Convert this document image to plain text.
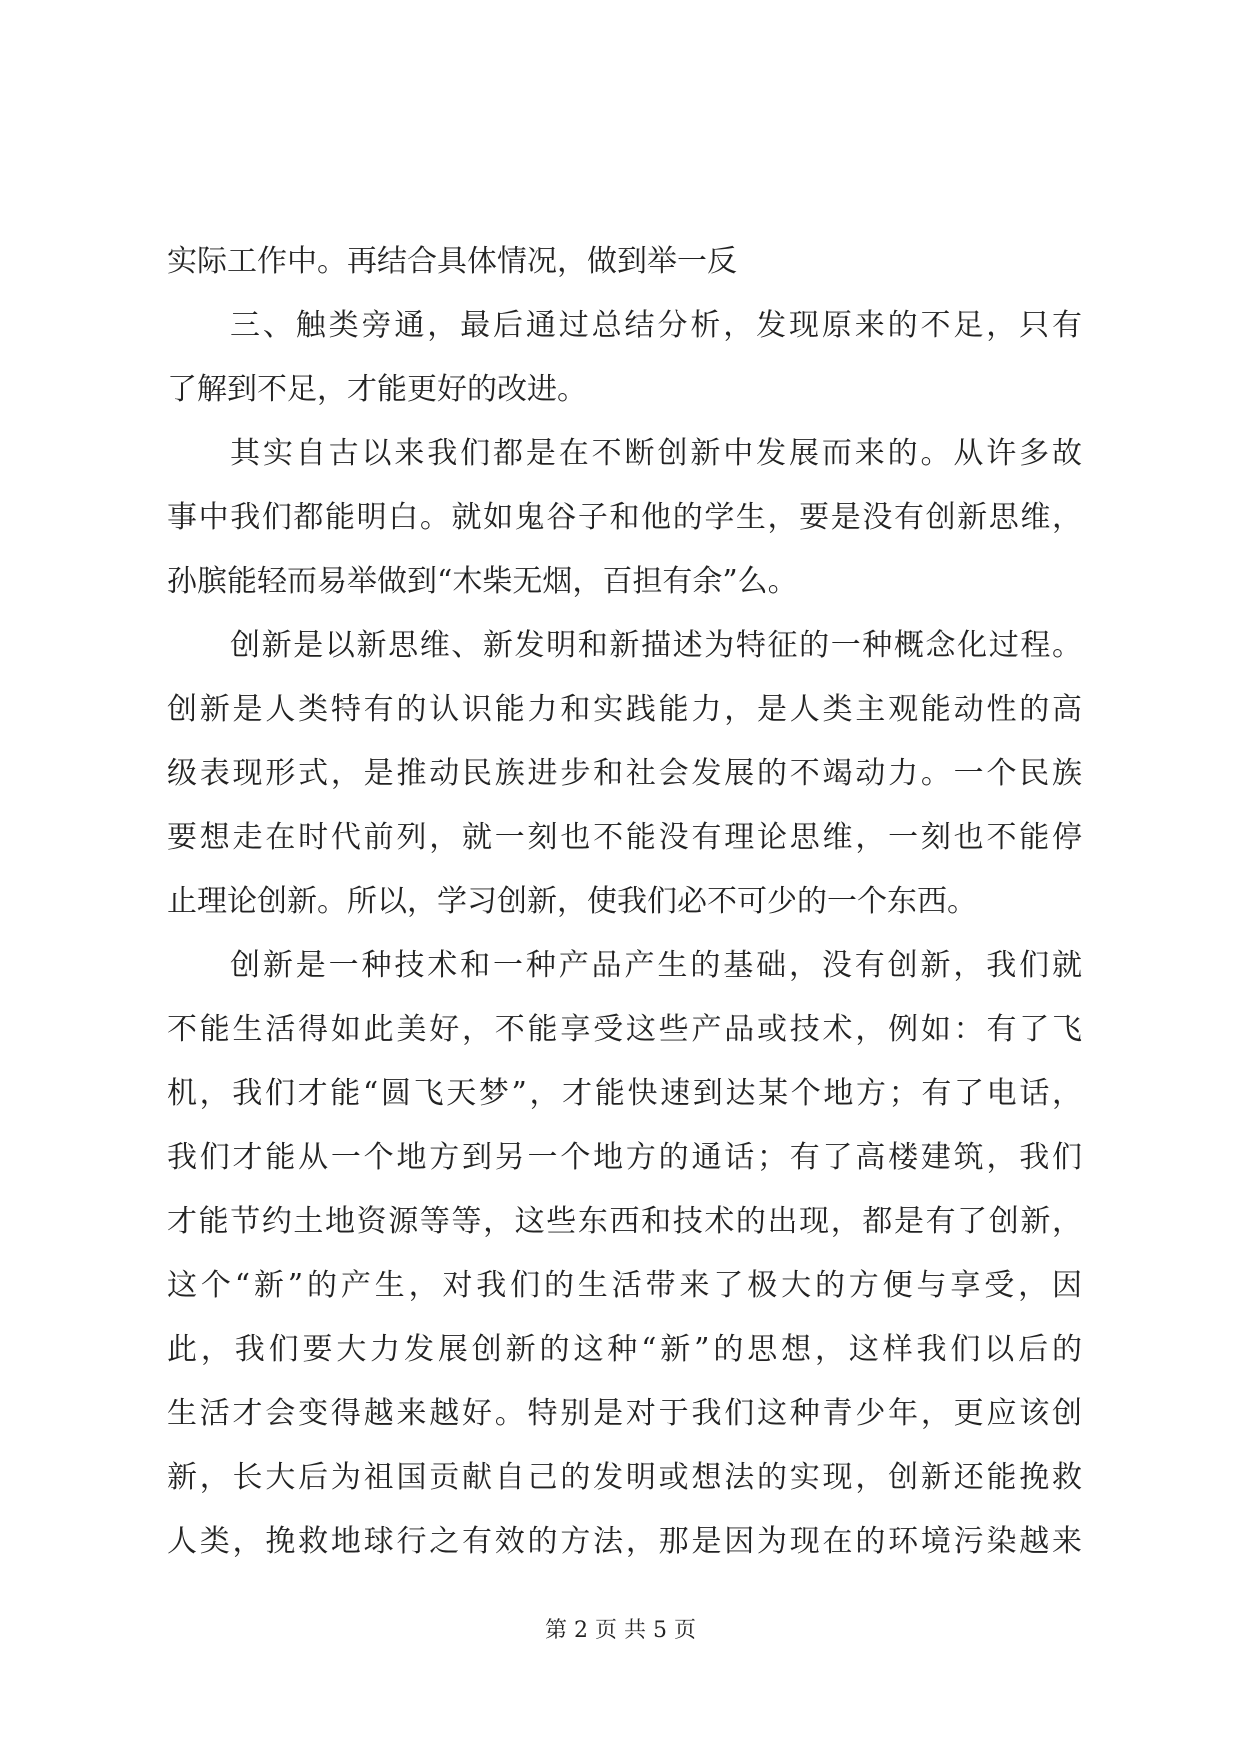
实际工作中。再结合具体情况，做到举一反
三、触类旁通，最后通过总结分析，发现原来的不足，只有
了解到不足，才能更好的改进。
其实自古以来我们都是在不断创新中发展而来的。从许多故
事中我们都能明白。就如鬼谷子和他的学生，要是没有创新思维，
孙膑能轻而易举做到“木柴无烟，百担有余”么。
创新是以新思维、新发明和新描述为特征的一种概念化过程。
创新是人类特有的认识能力和实践能力，是人类主观能动性的高
级表现形式，是推动民族进步和社会发展的不竭动力。一个民族
要想走在时代前列，就一刻也不能没有理论思维，一刻也不能停
止理论创新。所以，学习创新，使我们必不可少的一个东西。
创新是一种技术和一种产品产生的基础，没有创新，我们就
不能生活得如此美好，不能享受这些产品或技术，例如：有了飞
机，我们才能“圆飞天梦”，才能快速到达某个地方；有了电话，
我们才能从一个地方到另一个地方的通话；有了高楼建筑，我们
才能节约土地资源等等，这些东西和技术的出现，都是有了创新，
这个“新”的产生，对我们的生活带来了极大的方便与享受，因
此，我们要大力发展创新的这种“新”的思想，这样我们以后的
生活才会变得越来越好。特别是对于我们这种青少年，更应该创
新，长大后为祖国贡献自己的发明或想法的实现，创新还能挽救
人类，挽救地球行之有效的方法，那是因为现在的环境污染越来
第 2 页 共 5 页
